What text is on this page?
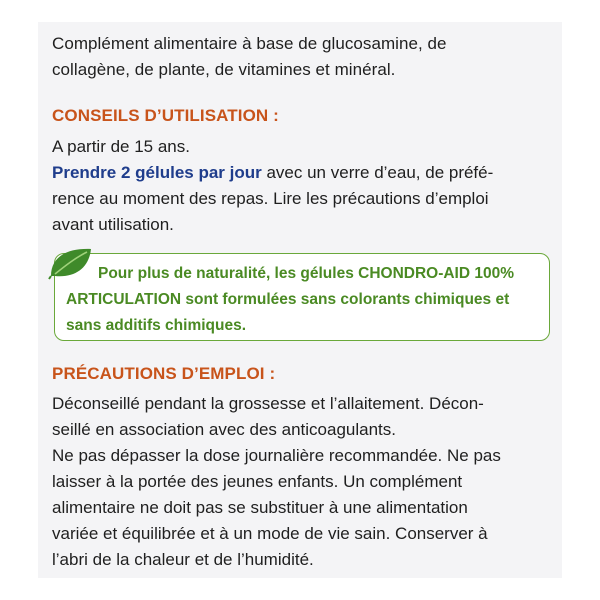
Complément alimentaire à base de glucosamine, de
collagène, de plante, de vitamines et minéral.

CONSEILS D’UTILISATION :

A partir de 15 ans.

Prendre 2 gélules par jour avec un verre d’eau, de préfé-
rence au moment des repas. Lire les précautions d’emploi
avant utilisation.

Pour plus de naturalité, les gélules CHONDRO-AID 100%
ARTICULATION sont formulées sans colorants chimiques et
sans additifs chimiques.

PRÉCAUTIONS D’EMPLOI :

Déconseillé pendant la grossesse et l’allaitement. Décon-
seillé en association avec des anticoagulants.
Ne pas dépasser la dose journalière recommandée. Ne pas
laisser à la portée des jeunes enfants. Un complément
alimentaire ne doit pas se substituer à une alimentation
variée et équilibrée et à un mode de vie sain. Conserver à
l’abri de la chaleur et de l’humidité.
